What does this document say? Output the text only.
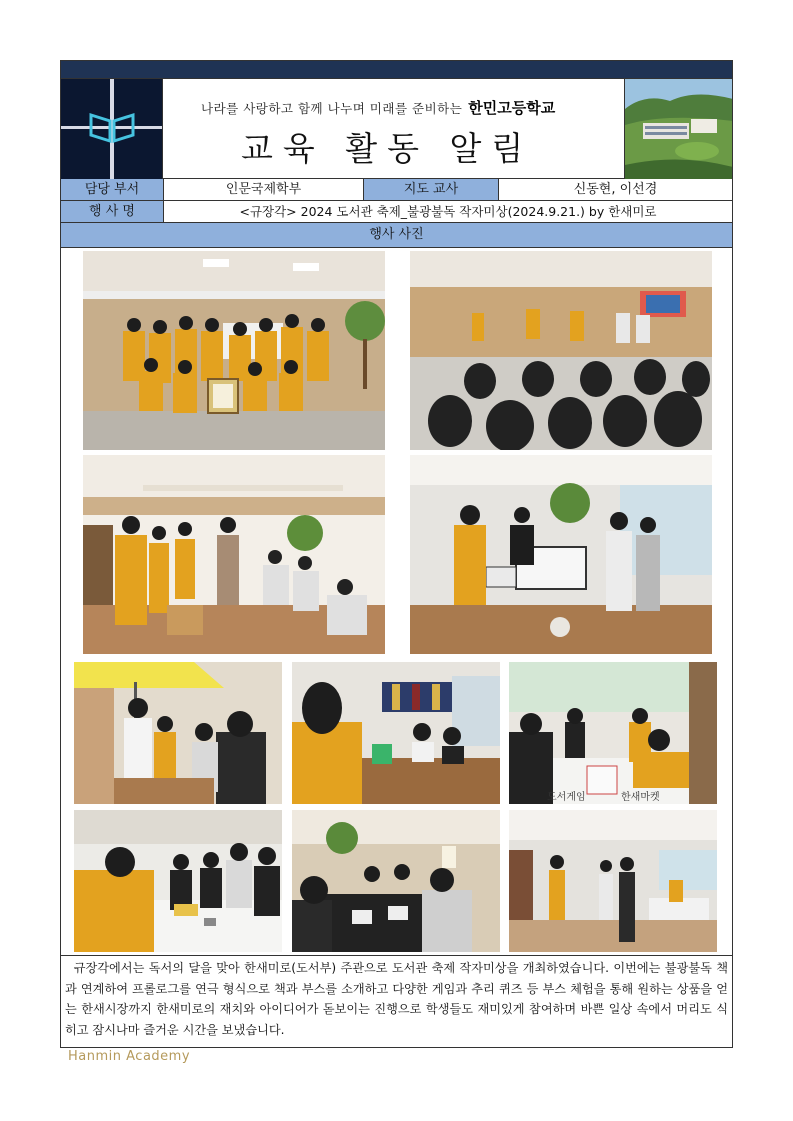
나라를 사랑하고 함께 나누며 미래를 준비하는 한민고등학교
교육 활동 알림
담당 부서	인문국제학부	지도 교사	신동현, 이선경
행 사 명	<규장각> 2024 도서관 축제_불광불독 작자미상(2024.9.21.) by 한새미로
행사 사진
도서게임	한새마켓
규장각에서는 독서의 달을 맞아 한새미로(도서부) 주관으로 도서관 축제 작자미상을 개최하였습니다. 이번에는 불광불독 책과 연계하여 프롤로그를 연극 형식으로 책과 부스를 소개하고 다양한 게임과 추리 퀴즈 등 부스 체험을 통해 원하는 상품을 얻는 한새시장까지 한새미로의 재치와 아이디어가 돋보이는 진행으로 학생들도 재미있게 참여하며 바쁜 일상 속에서 머리도 식히고 잠시나마 즐거운 시간을 보냈습니다.
Hanmin Academy
